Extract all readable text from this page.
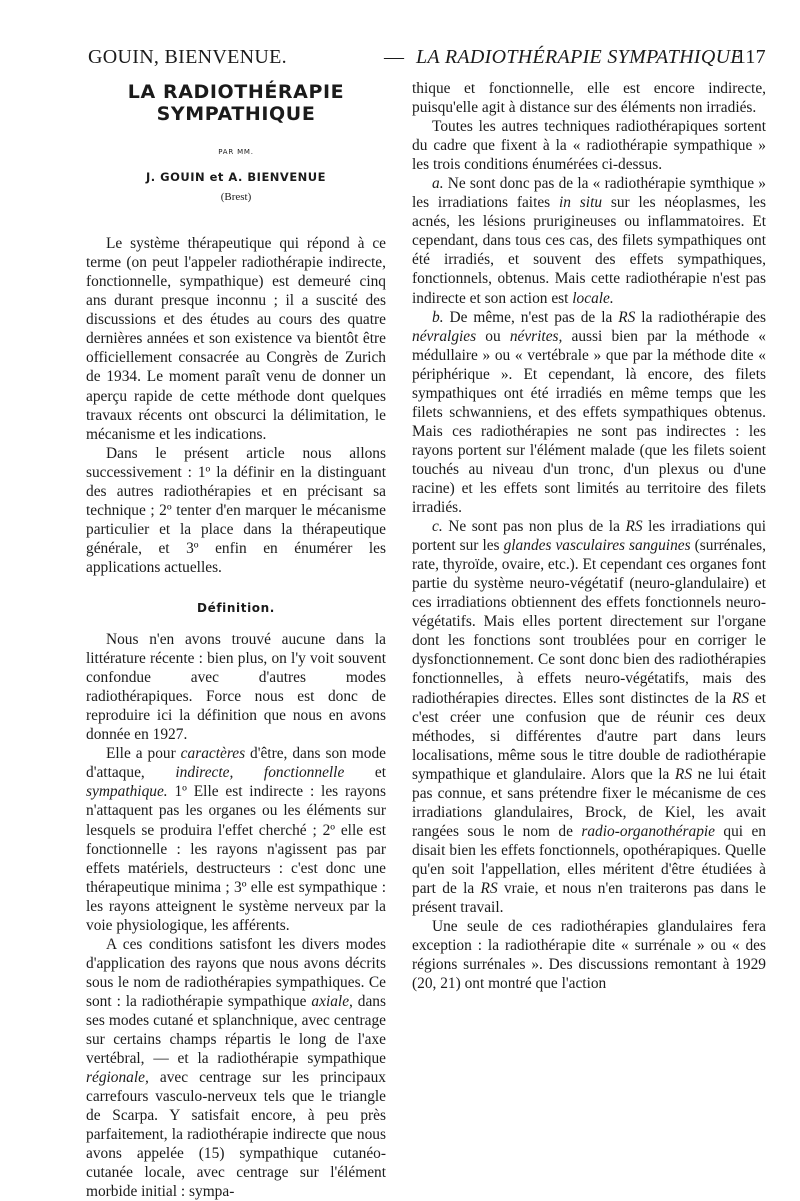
GOUIN, BIENVENUE.	— LA RADIOTHÉRAPIE SYMPATHIQUE
117
LA RADIOTHÉRAPIE
SYMPATHIQUE
PAR MM.
J. GOUIN et A. BIENVENUE
(Brest)

Le système thérapeutique qui répond à ce terme (on peut l'appeler radiothérapie indirecte, fonctionnelle, sympathique) est demeuré cinq ans durant presque inconnu ; il a suscité des discussions et des études au cours des quatre dernières années et son existence va bientôt être officiellement consacrée au Congrès de Zurich de 1934. Le moment paraît venu de donner un aperçu rapide de cette méthode dont quelques travaux récents ont obscurci la délimitation, le mécanisme et les indications.

Dans le présent article nous allons successivement : 1º la définir en la distinguant des autres radiothérapies et en précisant sa technique ; 2º tenter d'en marquer le mécanisme particulier et la place dans la thérapeutique générale, et 3º enfin en énumérer les applications actuelles.

Définition.

Nous n'en avons trouvé aucune dans la littérature récente : bien plus, on l'y voit souvent confondue avec d'autres modes radiothérapiques. Force nous est donc de reproduire ici la définition que nous en avons donnée en 1927.

Elle a pour caractères d'être, dans son mode d'attaque, indirecte, fonctionnelle et sympathique. 1º Elle est indirecte : les rayons n'attaquent pas les organes ou les éléments sur lesquels se produira l'effet cherché ; 2º elle est fonctionnelle : les rayons n'agissent pas par effets matériels, destructeurs : c'est donc une thérapeutique minima ; 3º elle est sympathique : les rayons atteignent le système nerveux par la voie physiologique, les afférents.

A ces conditions satisfont les divers modes d'application des rayons que nous avons décrits sous le nom de radiothérapies sympathiques. Ce sont : la radiothérapie sympathique axiale, dans ses modes cutané et splanchnique, avec centrage sur certains champs répartis le long de l'axe vertébral, — et la radiothérapie sympathique régionale, avec centrage sur les principaux carrefours vasculo-nerveux tels que le triangle de Scarpa. Y satisfait encore, à peu près parfaitement, la radiothérapie indirecte que nous avons appelée (15) sympathique cutanéo-cutanée locale, avec centrage sur l'élément morbide initial : sympa-

thique et fonctionnelle, elle est encore indirecte, puisqu'elle agit à distance sur des éléments non irradiés.

Toutes les autres techniques radiothérapiques sortent du cadre que fixent à la « radiothérapie sympathique » les trois conditions énumérées ci-dessus.

a. Ne sont donc pas de la « radiothérapie symthique » les irradiations faites in situ sur les néoplasmes, les acnés, les lésions prurigineuses ou inflammatoires. Et cependant, dans tous ces cas, des filets sympathiques ont été irradiés, et souvent des effets sympathiques, fonctionnels, obtenus. Mais cette radiothérapie n'est pas indirecte et son action est locale.

b. De même, n'est pas de la RS la radiothérapie des névralgies ou névrites, aussi bien par la méthode « médullaire » ou « vertébrale » que par la méthode dite « périphérique ». Et cependant, là encore, des filets sympathiques ont été irradiés en même temps que les filets schwanniens, et des effets sympathiques obtenus. Mais ces radiothérapies ne sont pas indirectes : les rayons portent sur l'élément malade (que les filets soient touchés au niveau d'un tronc, d'un plexus ou d'une racine) et les effets sont limités au territoire des filets irradiés.

c. Ne sont pas non plus de la RS les irradiations qui portent sur les glandes vasculaires sanguines (surrénales, rate, thyroïde, ovaire, etc.). Et cependant ces organes font partie du système neuro-végétatif (neuro-glandulaire) et ces irradiations obtiennent des effets fonctionnels neuro-végétatifs. Mais elles portent directement sur l'organe dont les fonctions sont troublées pour en corriger le dysfonctionnement. Ce sont donc bien des radiothérapies fonctionnelles, à effets neuro-végétatifs, mais des radiothérapies directes. Elles sont distinctes de la RS et c'est créer une confusion que de réunir ces deux méthodes, si différentes d'autre part dans leurs localisations, même sous le titre double de radiothérapie sympathique et glandulaire. Alors que la RS ne lui était pas connue, et sans prétendre fixer le mécanisme de ces irradiations glandulaires, Brock, de Kiel, les avait rangées sous le nom de radio-organothérapie qui en disait bien les effets fonctionnels, opothérapiques. Quelle qu'en soit l'appellation, elles méritent d'être étudiées à part de la RS vraie, et nous n'en traiterons pas dans le présent travail.

Une seule de ces radiothérapies glandulaires fera exception : la radiothérapie dite « surrénale » ou « des régions surrénales ». Des discussions remontant à 1929 (20, 21) ont montré que l'action
